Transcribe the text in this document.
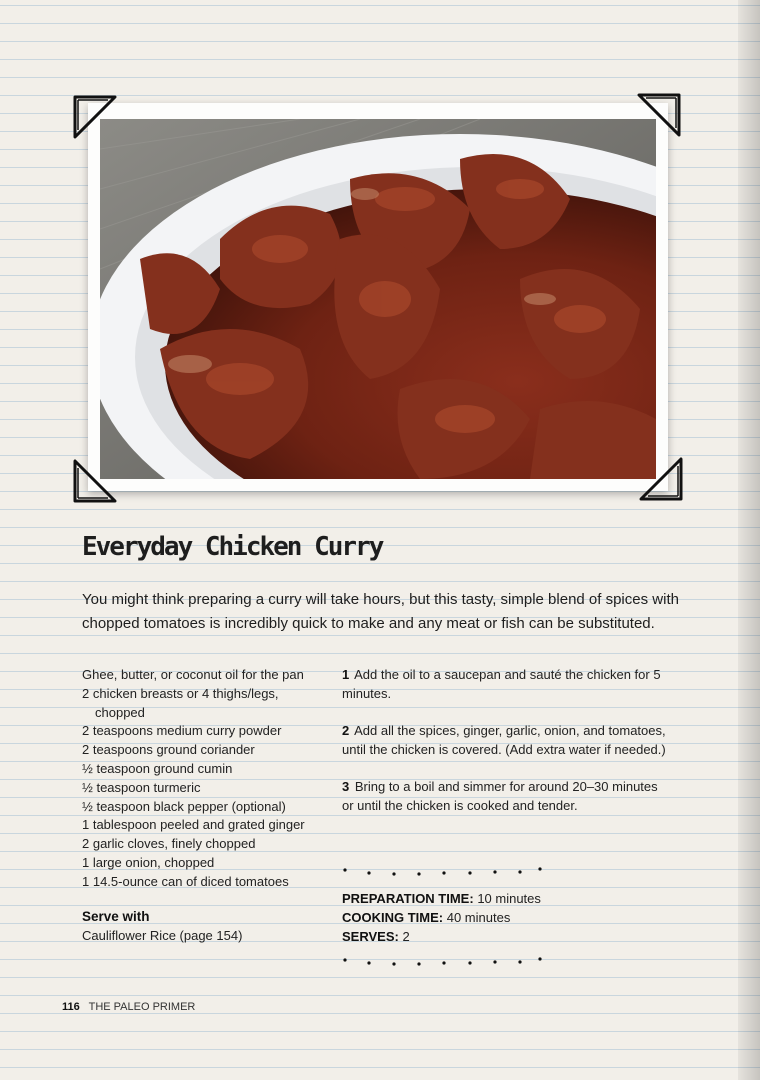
Everyday Chicken Curry

You might think preparing a curry will take hours, but this tasty, simple blend of spices with chopped tomatoes is incredibly quick to make and any meat or fish can be substituted.

Ghee, butter, or coconut oil for the pan
2 chicken breasts or 4 thighs/legs, chopped
2 teaspoons medium curry powder
2 teaspoons ground coriander
½ teaspoon ground cumin
½ teaspoon turmeric
½ teaspoon black pepper (optional)
1 tablespoon peeled and grated ginger
2 garlic cloves, finely chopped
1 large onion, chopped
1 14.5-ounce can of diced tomatoes
Serve with
Cauliflower Rice (page 154)

1 Add the oil to a saucepan and sauté the chicken for 5 minutes.

2 Add all the spices, ginger, garlic, onion, and tomatoes, until the chicken is covered. (Add extra water if needed.)

3 Bring to a boil and simmer for around 20–30 minutes or until the chicken is cooked and tender.

PREPARATION TIME: 10 minutes
COOKING TIME: 40 minutes
SERVES: 2
116 THE PALEO PRIMER
